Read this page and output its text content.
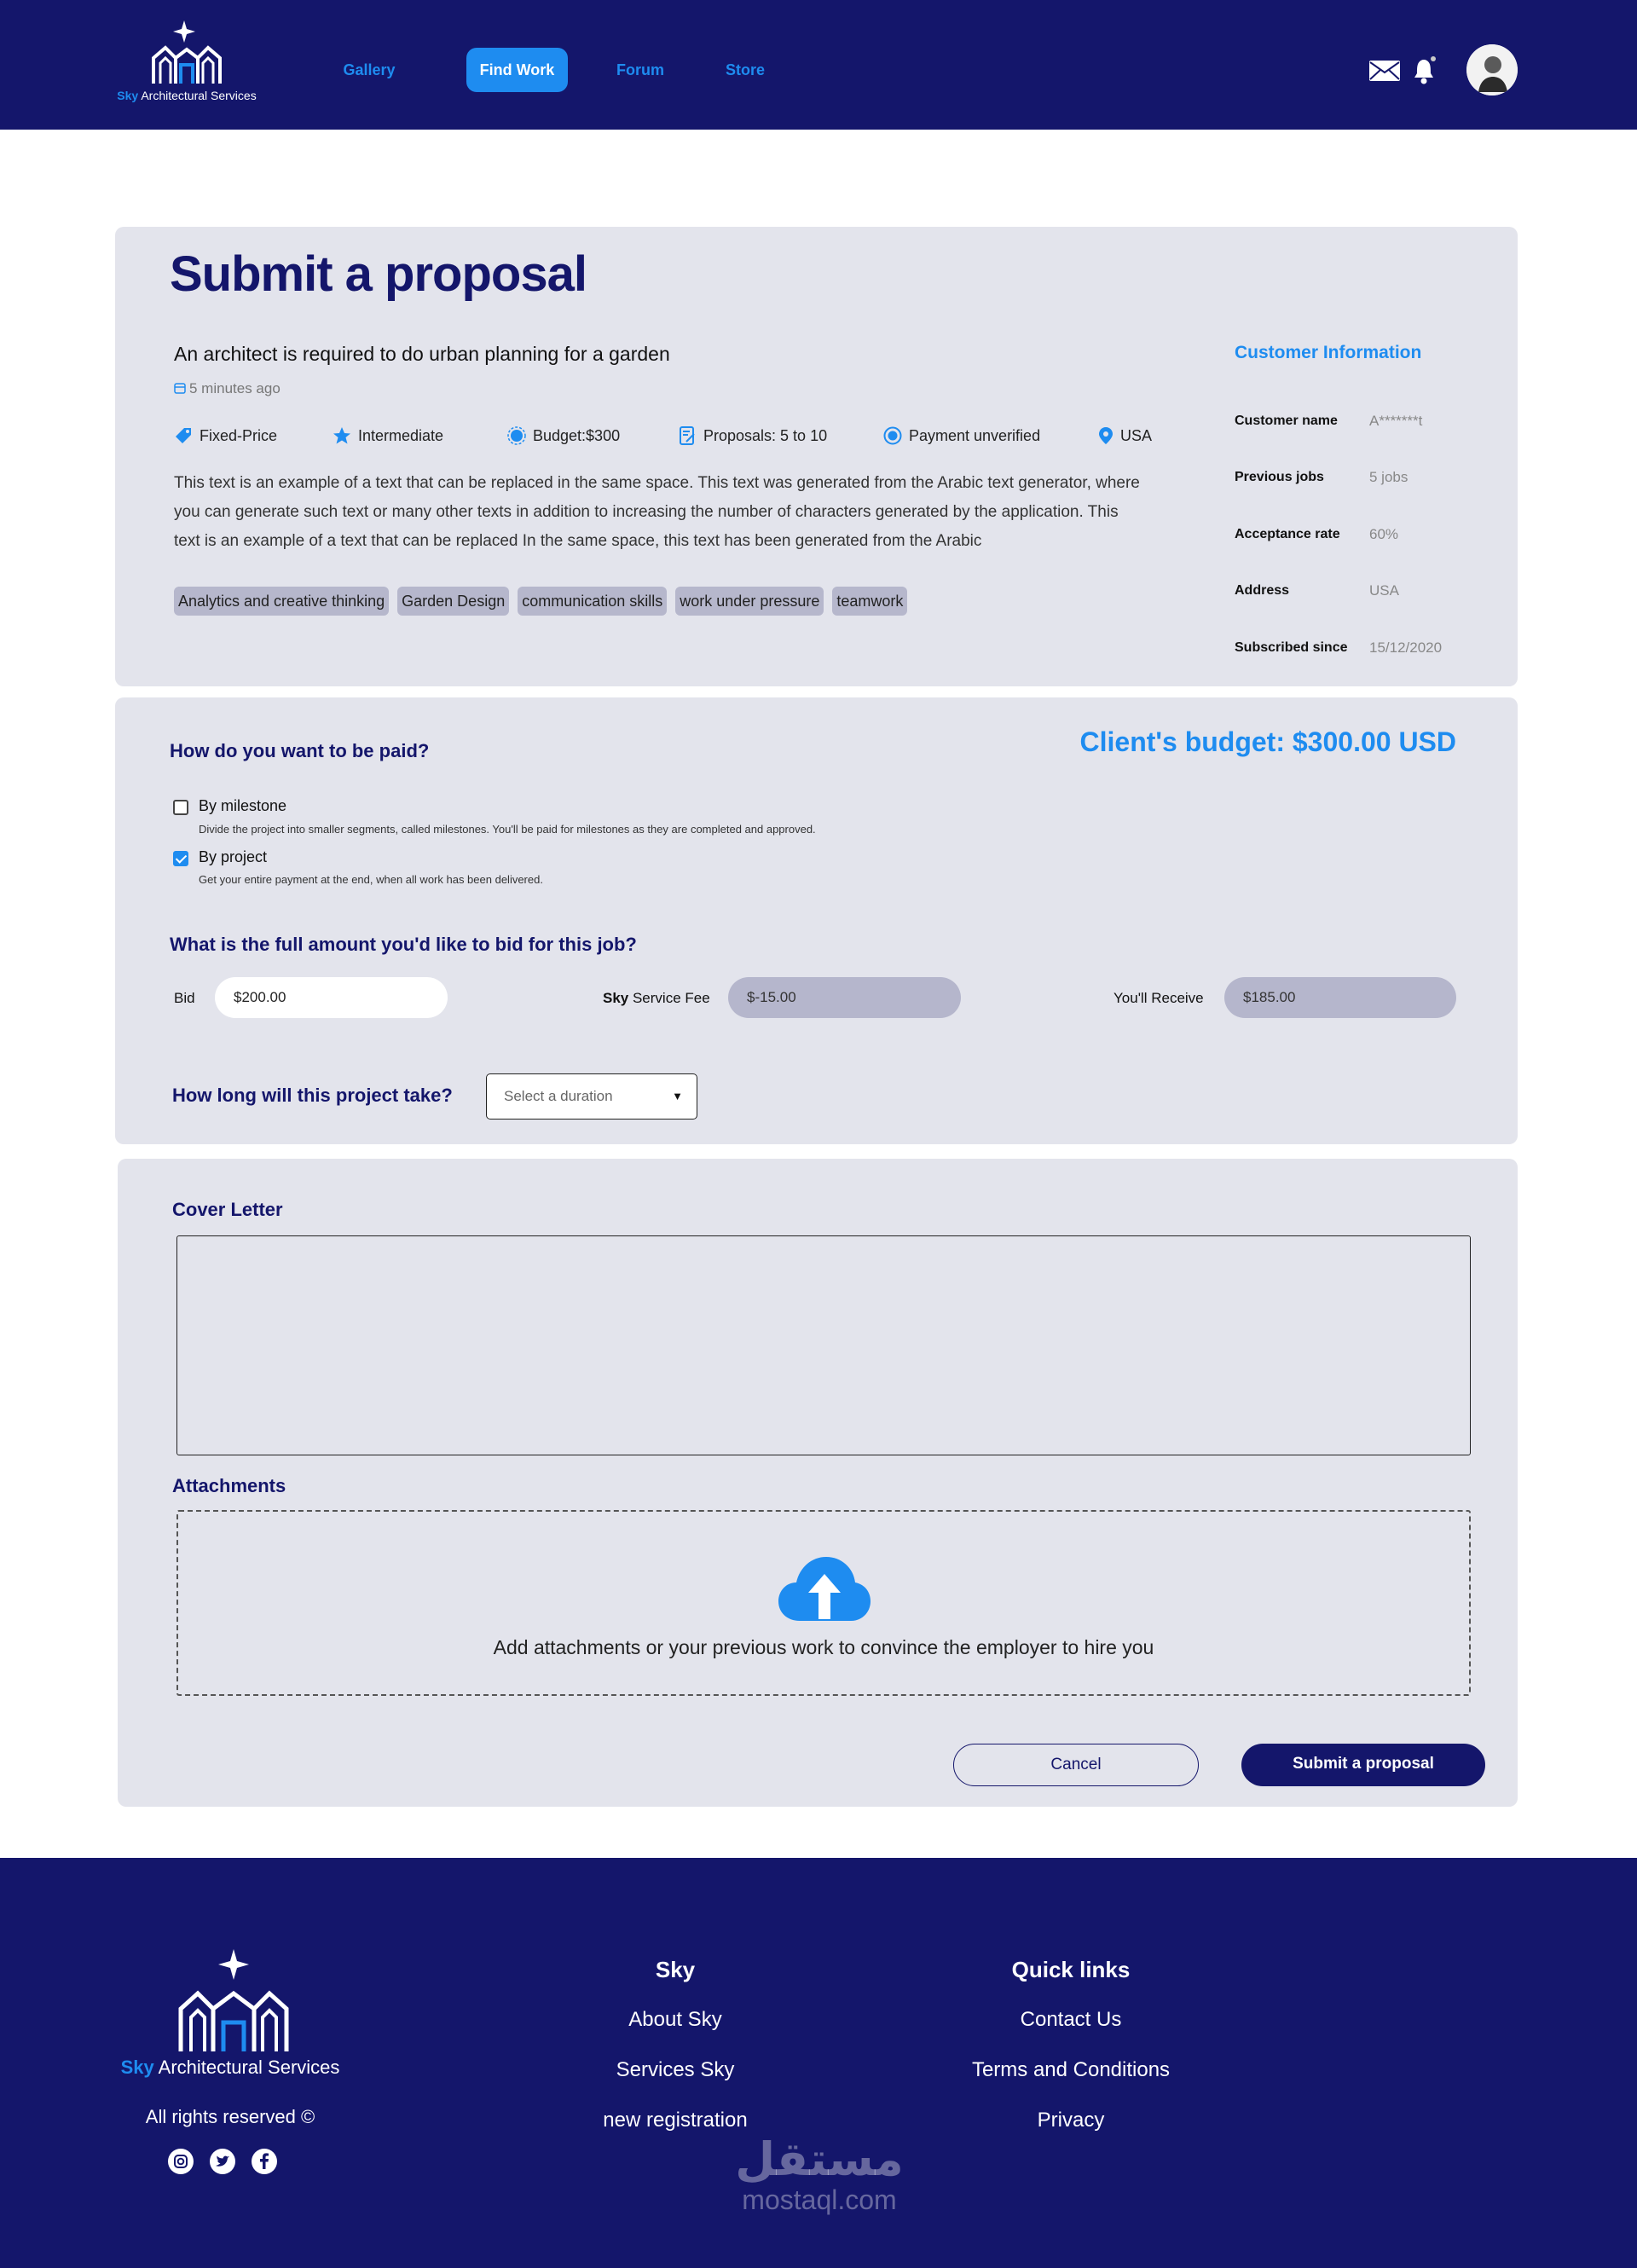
Sky Architectural Services
Gallery	Find Work	Forum	Store
Submit a proposal
An architect is required to do urban planning for a garden
5 minutes ago
Fixed-Price	Intermediate	Budget:$300	Proposals: 5 to 10	Payment unverified	USA
This text is an example of a text that can be replaced in the same space. This text was generated from the Arabic text generator, where you can generate such text or many other texts in addition to increasing the number of characters generated by the application. This text is an example of a text that can be replaced In the same space, this text has been generated from the Arabic
Analytics and creative thinking Garden Design communication skills work under pressure teamwork
Customer Information
Customer name A*******t
Previous jobs	5 jobs
Acceptance rate 60%
Address	USA
Subscribed since 15/12/2020
How do you want to be paid?	Client's budget: $300.00 USD
By milestone
Divide the project into smaller segments, called milestones. You'll be paid for milestones as they are completed and approved.
By project
Get your entire payment at the end, when all work has been delivered.
What is the full amount you'd like to bid for this job?
Bid	$200.00	Sky Service Fee	$-15.00	You'll Receive	$185.00
How long will this project take?	Select a duration	▼
Cover Letter
Attachments
Add attachments or your previous work to convince the employer to hire you
Cancel	Submit a proposal
Sky Architectural Services
All rights reserved ©
Sky
About Sky
Services Sky
new registration
Quick links
Contact Us
Terms and Conditions
Privacy
مستقل
mostaql.com
